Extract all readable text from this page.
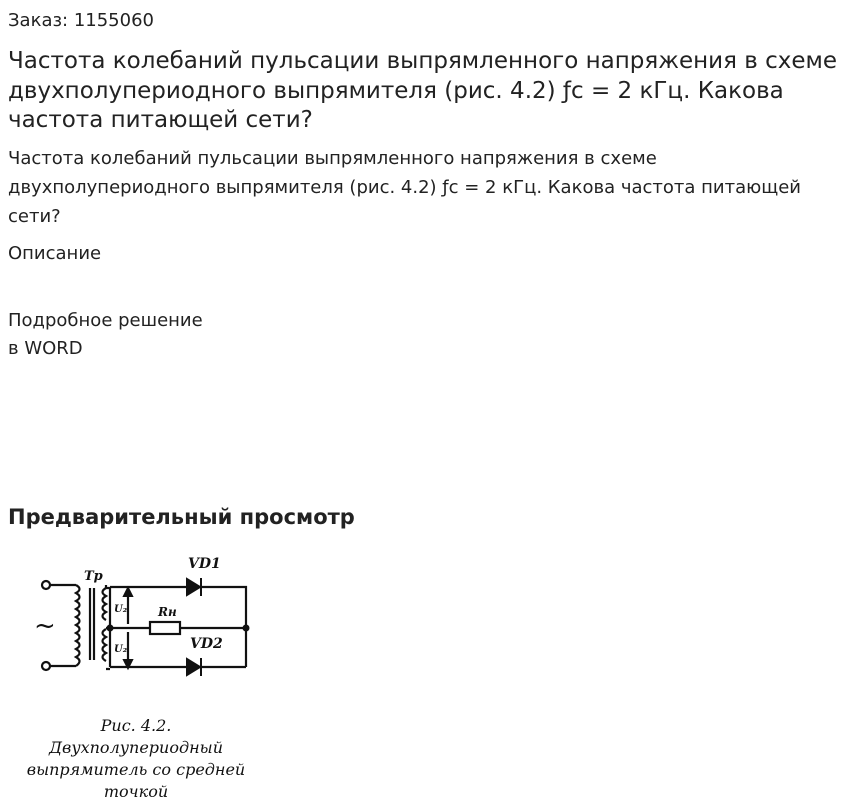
Заказ: 1155060
Частота колебаний пульсации выпрямленного напряжения в схеме двухполупериодного выпрямителя (рис. 4.2) ƒc = 2 кГц. Какова частота питающей сети?
Частота колебаний пульсации выпрямленного напряжения в схеме двухполупериодного выпрямителя (рис. 4.2) ƒc = 2 кГц. Какова частота питающей сети?
Описание
Подробное решение
в WORD
Предварительный просмотр
Тр
VD1
VD2
Rн
U₂
U₂
~
Рис. 4.2.
Двухполупериодный
выпрямитель со средней
точкой
